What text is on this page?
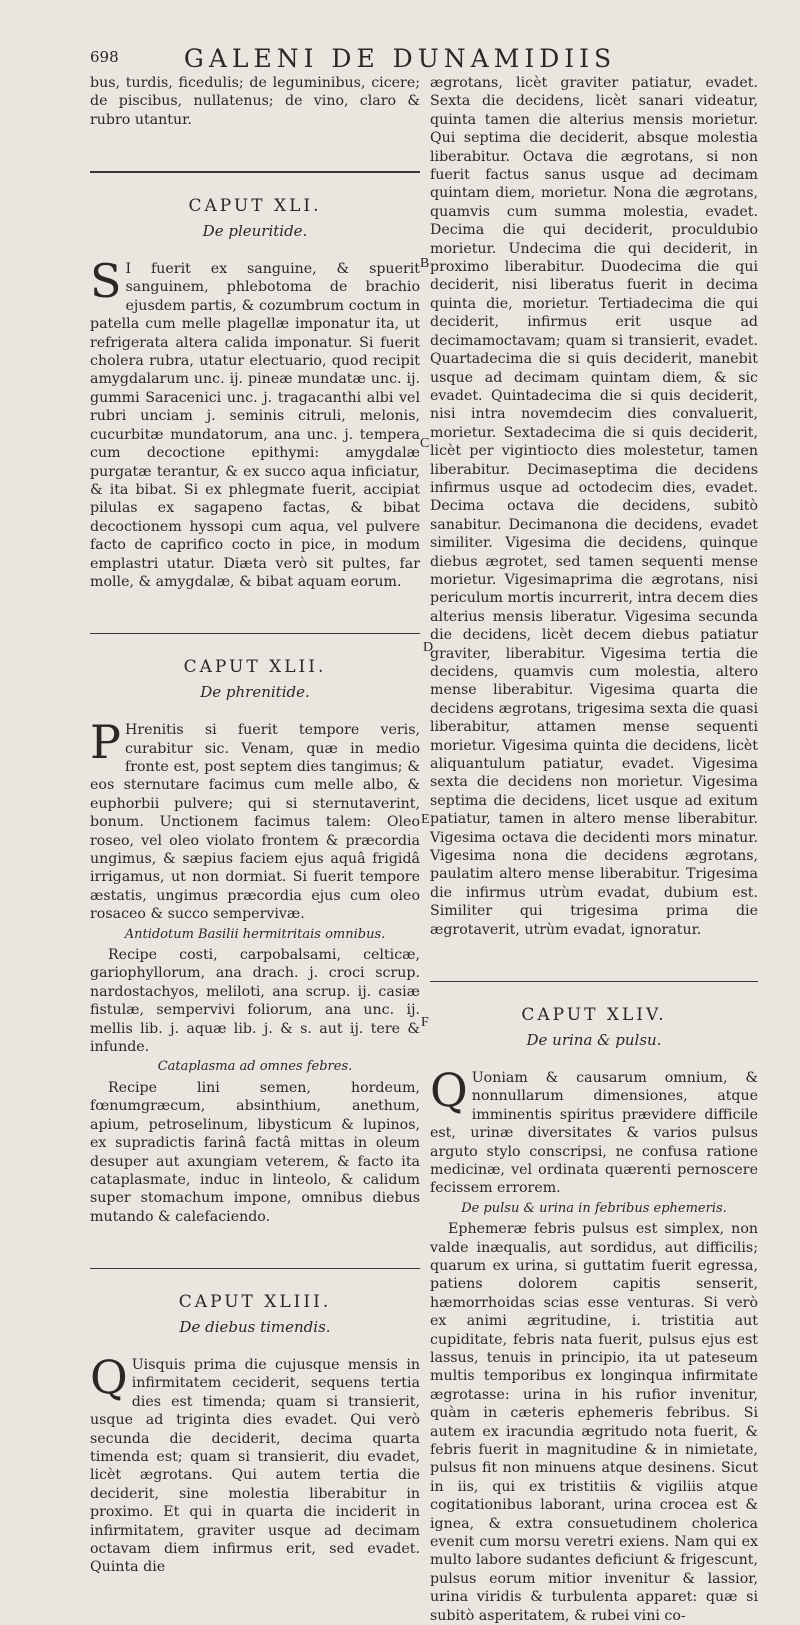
698	GALENI DE DUNAMIDIIS
B
C
D
E
F

bus, turdis, ficedulis; de leguminibus, cicere; de piscibus, nullatenus; de vino, claro & rubro utantur.

CAPUT XLI.
De pleuritide.

S I fuerit ex sanguine, & spuerit sanguinem, phlebotoma de brachio ejusdem partis, & cozumbrum coctum in patella cum melle plagellæ imponatur ita, ut refrigerata altera calida imponatur. Si fuerit cholera rubra, utatur electuario, quod recipit amygdalarum unc. ij. pineæ mundatæ unc. ij. gummi Saracenici unc. j. tragacanthi albi vel rubri unciam j. seminis citruli, melonis, cucurbitæ mundatorum, ana unc. j. tempera cum decoctione epithymi: amygdalæ purgatæ terantur, & ex succo aqua inficiatur, & ita bibat. Si ex phlegmate fuerit, accipiat pilulas ex sagapeno factas, & bibat decoctionem hyssopi cum aqua, vel pulvere facto de caprifico cocto in pice, in modum emplastri utatur. Diæta verò sit pultes, far molle, & amygdalæ, & bibat aquam eorum.

CAPUT XLII.
De phrenitide.

P Hrenitis si fuerit tempore veris, curabitur sic. Venam, quæ in medio fronte est, post septem dies tangimus; & eos sternutare facimus cum melle albo, & euphorbii pulvere; qui si sternutaverint, bonum. Unctionem facimus talem: Oleo roseo, vel oleo violato frontem & præcordia ungimus, & sæpius faciem ejus aquâ frigidâ irrigamus, ut non dormiat. Si fuerit tempore æstatis, ungimus præcordia ejus cum oleo rosaceo & succo sempervivæ.

Antidotum Basilii hermitritais omnibus.

Recipe costi, carpobalsami, celticæ, gariophyllorum, ana drach. j. croci scrup. nardostachyos, meliloti, ana scrup. ij. casiæ fistulæ, sempervivi foliorum, ana unc. ij. mellis lib. j. aquæ lib. j. & s. aut ij. tere & infunde.

Cataplasma ad omnes febres.

Recipe lini semen, hordeum, fœnumgræcum, absinthium, anethum, apium, petroselinum, libysticum & lupinos, ex supradictis farinâ factâ mittas in oleum desuper aut axungiam veterem, & facto ita cataplasmate, induc in linteolo, & calidum super stomachum impone, omnibus diebus mutando & calefaciendo.

CAPUT XLIII.
De diebus timendis.

Q Uisquis prima die cujusque mensis in infirmitatem ceciderit, sequens tertia dies est timenda; quam si transierit, usque ad triginta dies evadet. Qui verò secunda die deciderit, decima quarta timenda est; quam si transierit, diu evadet, licèt ægrotans. Qui autem tertia die deciderit, sine molestia liberabitur in proximo. Et qui in quarta die inciderit in infirmitatem, graviter usque ad decimam octavam diem infirmus erit, sed evadet. Quinta die

ægrotans, licèt graviter patiatur, evadet. Sexta die decidens, licèt sanari videatur, quinta tamen die alterius mensis morietur. Qui septima die deciderit, absque molestia liberabitur. Octava die ægrotans, si non fuerit factus sanus usque ad decimam quintam diem, morietur. Nona die ægrotans, quamvis cum summa molestia, evadet. Decima die qui deciderit, proculdubio morietur. Undecima die qui deciderit, in proximo liberabitur. Duodecima die qui deciderit, nisi liberatus fuerit in decima quinta die, morietur. Tertiadecima die qui deciderit, infirmus erit usque ad decimamoctavam; quam si transierit, evadet. Quartadecima die si quis deciderit, manebit usque ad decimam quintam diem, & sic evadet. Quintadecima die si quis deciderit, nisi intra novemdecim dies convaluerit, morietur. Sextadecima die si quis deciderit, licèt per vigintiocto dies molestetur, tamen liberabitur. Decimaseptima die decidens infirmus usque ad octodecim dies, evadet. Decima octava die decidens, subitò sanabitur. Decimanona die decidens, evadet similiter. Vigesima die decidens, quinque diebus ægrotet, sed tamen sequenti mense morietur. Vigesimaprima die ægrotans, nisi periculum mortis incurrerit, intra decem dies alterius mensis liberatur. Vigesima secunda die decidens, licèt decem diebus patiatur graviter, liberabitur. Vigesima tertia die decidens, quamvis cum molestia, altero mense liberabitur. Vigesima quarta die decidens ægrotans, trigesima sexta die quasi liberabitur, attamen mense sequenti morietur. Vigesima quinta die decidens, licèt aliquantulum patiatur, evadet. Vigesima sexta die decidens non morietur. Vigesima septima die decidens, licet usque ad exitum patiatur, tamen in altero mense liberabitur. Vigesima octava die decidenti mors minatur. Vigesima nona die decidens ægrotans, paulatim altero mense liberabitur. Trigesima die infirmus utrùm evadat, dubium est. Similiter qui trigesima prima die ægrotaverit, utrùm evadat, ignoratur.

CAPUT XLIV.
De urina & pulsu.

Q Uoniam & causarum omnium, & nonnullarum dimensiones, atque imminentis spiritus prævidere difficile est, urinæ diversitates & varios pulsus arguto stylo conscripsi, ne confusa ratione medicinæ, vel ordinata quærenti pernoscere fecissem errorem.

De pulsu & urina in febribus ephemeris.

Ephemeræ febris pulsus est simplex, non valde inæqualis, aut sordidus, aut difficilis; quarum ex urina, si guttatim fuerit egressa, patiens dolorem capitis senserit, hæmorrhoidas scias esse venturas. Si verò ex animi ægritudine, i. tristitia aut cupiditate, febris nata fuerit, pulsus ejus est lassus, tenuis in principio, ita ut pateseum multis temporibus ex longinqua infirmitate ægrotasse: urina in his rufior invenitur, quàm in cæteris ephemeris febribus. Si autem ex iracundia ægritudo nota fuerit, & febris fuerit in magnitudine & in nimietate, pulsus fit non minuens atque desinens. Sicut in iis, qui ex tristitiis & vigiliis atque cogitationibus laborant, urina crocea est & ignea, & extra consuetudinem cholerica evenit cum morsu veretri exiens. Nam qui ex multo labore sudantes deficiunt & frigescunt, pulsus eorum mitior invenitur & lassior, urina viridis & turbulenta apparet: quæ si subitò asperitatem, & rubei vini co-
